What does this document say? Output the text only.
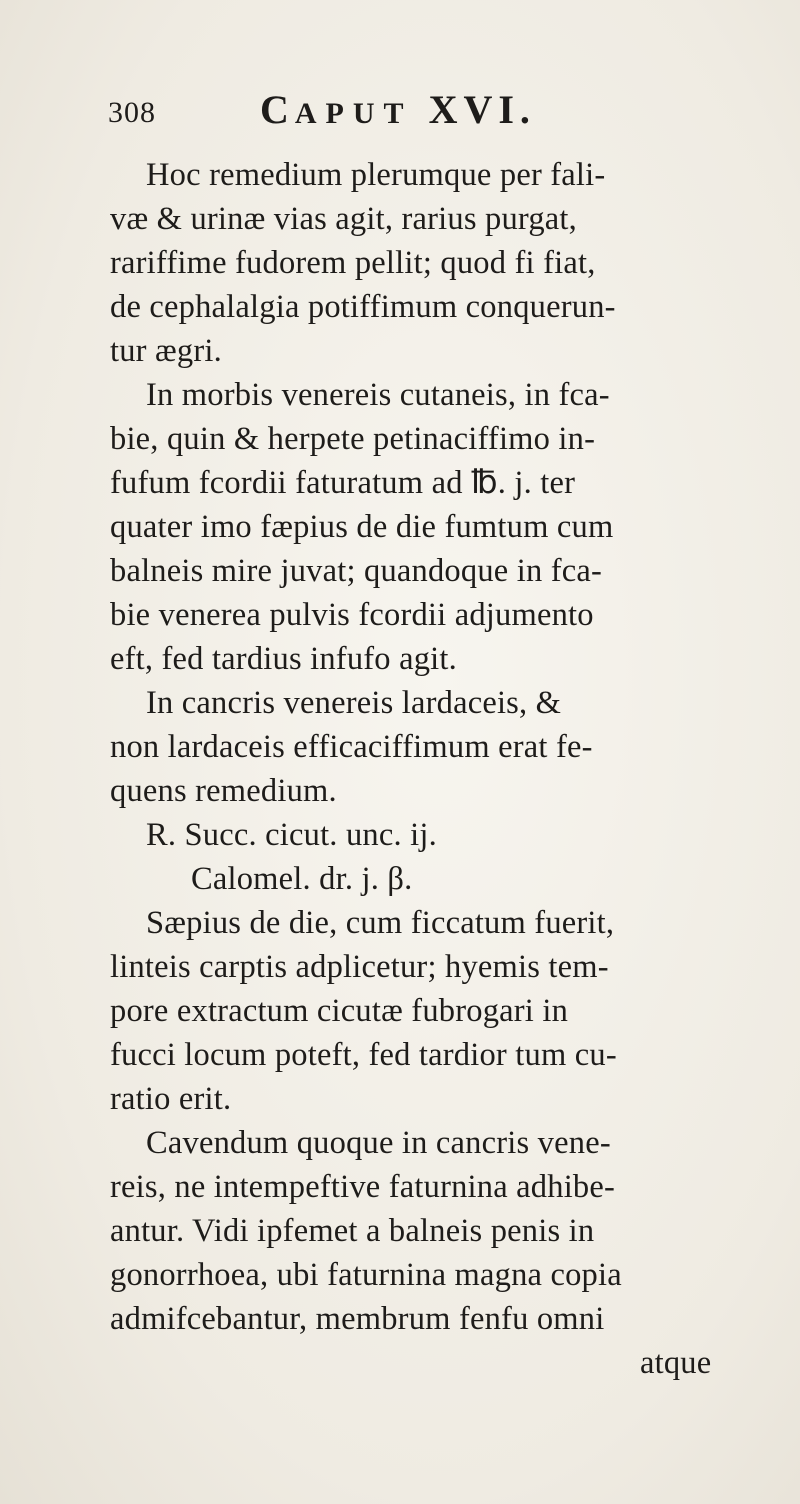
308	CAPUT XVI.
Hoc remedium plerumque per fali-
væ & urinæ vias agit, rarius purgat,
rariffime fudorem pellit; quod fi fiat,
de cephalalgia potiffimum conquerun-
tur ægri.
In morbis venereis cutaneis, in fca-
bie, quin & herpete petinaciffimo in-
fufum fcordii faturatum ad ℔. j. ter
quater imo fæpius de die fumtum cum
balneis mire juvat; quandoque in fca-
bie venerea pulvis fcordii adjumento
eft, fed tardius infufo agit.
In cancris venereis lardaceis, &
non lardaceis efficaciffimum erat fe-
quens remedium.
R. Succ. cicut. unc. ij.
Calomel. dr. j. β.
Sæpius de die, cum ficcatum fuerit,
linteis carptis adplicetur; hyemis tem-
pore extractum cicutæ fubrogari in
fucci locum poteft, fed tardior tum cu-
ratio erit.
Cavendum quoque in cancris vene-
reis, ne intempeftive faturnina adhibe-
antur. Vidi ipfemet a balneis penis in
gonorrhoea, ubi faturnina magna copia
admifcebantur, membrum fenfu omni
atque
